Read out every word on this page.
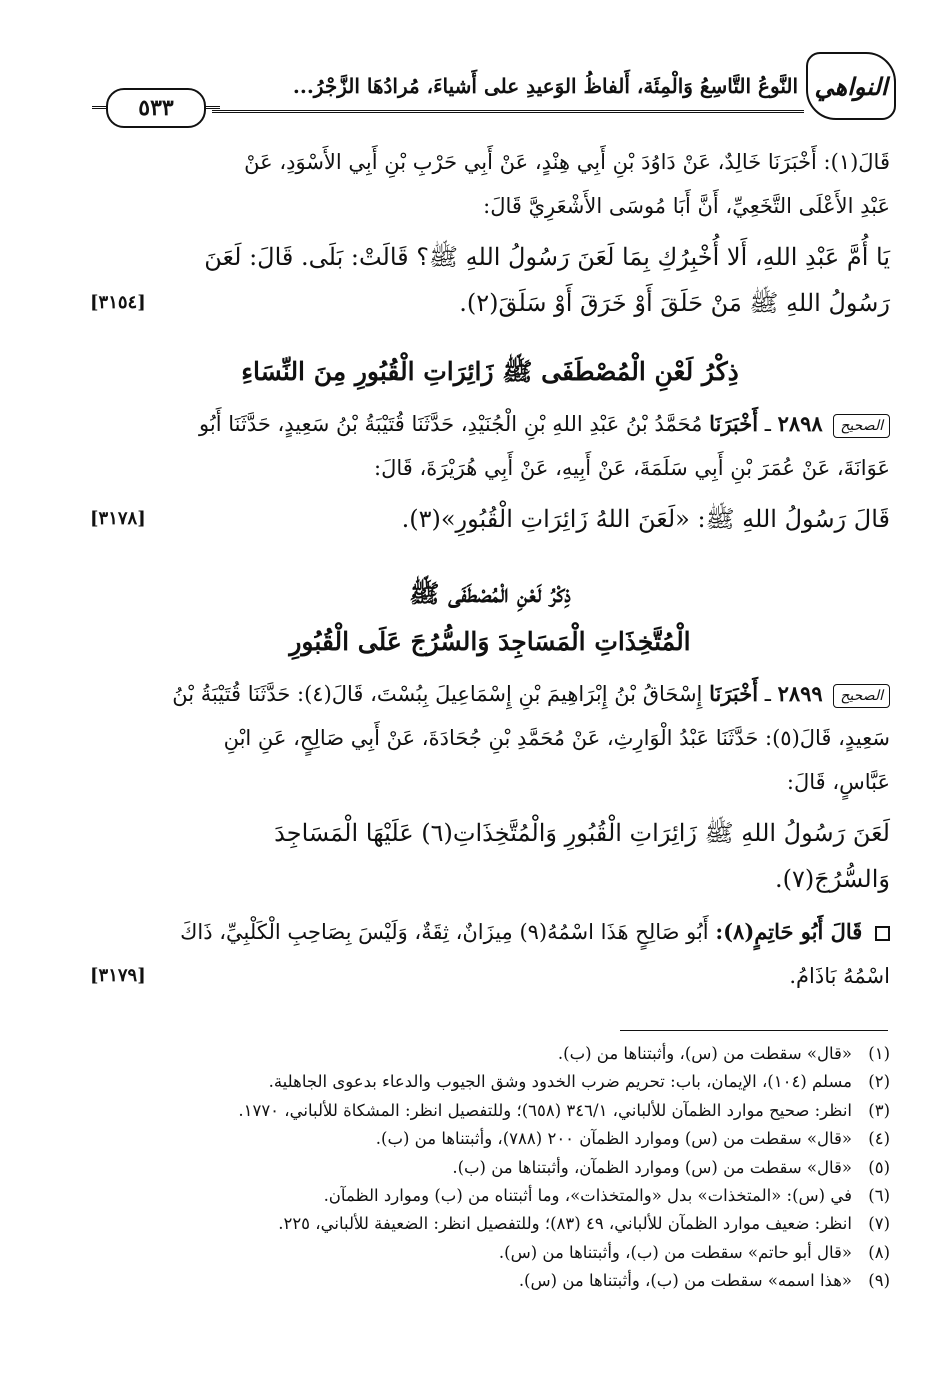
النواهي
النَّوعُ التَّاسِعُ وَالْمِئَة، أَلفاظُ الوَعيدِ على أَشياءَ، مُرادُهَا الزَّجْرُ...
٥٣٣

قَالَ(١): أَخْبَرَنَا خَالِدٌ، عَنْ دَاوُدَ بْنِ أَبِي هِنْدٍ، عَنْ أَبِي حَرْبِ بْنِ أَبِي الأَسْوَدِ، عَنْ

عَبْدِ الأَعْلَى التَّخَعِيِّ، أَنَّ أَبَا مُوسَى الأَشْعَرِيَّ قَالَ:

يَا أُمَّ عَبْدِ اللهِ، أَلا أُخْبِرُكِ بِمَا لَعَنَ رَسُولُ اللهِ ﷺ؟ قَالَتْ: بَلَى. قَالَ: لَعَنَ

رَسُولُ اللهِ ﷺ مَنْ حَلَقَ أَوْ خَرَقَ أَوْ سَلَقَ(٢).
[٣١٥٤]

ذِكْرُ لَعْنِ الْمُصْطَفَى ﷺ زَائِرَاتِ الْقُبُورِ مِنَ النِّسَاءِ

الصحيح ٢٨٩٨ ـ أَخْبَرَنَا مُحَمَّدُ بْنُ عَبْدِ اللهِ بْنِ الْجُنَيْدِ، حَدَّثَنَا قُتَيْبَةُ بْنُ سَعِيدٍ، حَدَّثَنَا أَبُو

عَوَانَةَ، عَنْ عُمَرَ بْنِ أَبِي سَلَمَةَ، عَنْ أَبِيهِ، عَنْ أَبِي هُرَيْرَةَ، قَالَ:

قَالَ رَسُولُ اللهِ ﷺ: «لَعَنَ اللهُ زَائِرَاتِ الْقُبُورِ»(٣).
[٣١٧٨]

ذِكْرُ لَعْنِ الْمُصْطَفَى ﷺ
الْمُتَّخِذَاتِ الْمَسَاجِدَ وَالسُّرُجَ عَلَى الْقُبُورِ

الصحيح ٢٨٩٩ ـ أَخْبَرَنَا إِسْحَاقُ بْنُ إِبْرَاهِيمَ بْنِ إِسْمَاعِيلَ بِبُسْتَ، قَالَ(٤): حَدَّثَنَا قُتَيْبَةُ بْنُ

سَعِيدٍ، قَالَ(٥): حَدَّثَنَا عَبْدُ الْوَارِثِ، عَنْ مُحَمَّدِ بْنِ جُحَادَةَ، عَنْ أَبِي صَالِحٍ، عَنِ ابْنِ

عَبَّاسٍ، قَالَ:

لَعَنَ رَسُولُ اللهِ ﷺ زَائِرَاتِ الْقُبُورِ وَالْمُتَّخِذَاتِ(٦) عَلَيْهَا الْمَسَاجِدَ

وَالسُّرُجَ(٧).

قَالَ أَبُو حَاتِمٍ(٨): أَبُو صَالِحٍ هَذَا اسْمُهُ(٩) مِيزَانٌ، ثِقَةٌ، وَلَيْسَ بِصَاحِبِ الْكَلْبِيِّ، ذَاكَ

اسْمُهُ بَاذَامُ.
[٣١٧٩]

(١)
«قال» سقطت من (س)، وأثبتناها من (ب).
(٢)
مسلم (١٠٤)، الإيمان، باب: تحريم ضرب الخدود وشق الجيوب والدعاء بدعوى الجاهلية.
(٣)
انظر: صحيح موارد الظمآن للألباني، ٣٤٦/١ (٦٥٨)؛ وللتفصيل انظر: المشكاة للألباني، ١٧٧٠.
(٤)
«قال» سقطت من (س) وموارد الظمآن ٢٠٠ (٧٨٨)، وأثبتناها من (ب).
(٥)
«قال» سقطت من (س) وموارد الظمآن، وأثبتناها من (ب).
(٦)
في (س): «المتخذات» بدل «والمتخذات»، وما أثبتناه من (ب) وموارد الظمآن.
(٧)
انظر: ضعيف موارد الظمآن للألباني، ٤٩ (٨٣)؛ وللتفصيل انظر: الضعيفة للألباني، ٢٢٥.
(٨)
«قال أبو حاتم» سقطت من (ب)، وأثبتناها من (س).
(٩)
«هذا اسمه» سقطت من (ب)، وأثبتناها من (س).
